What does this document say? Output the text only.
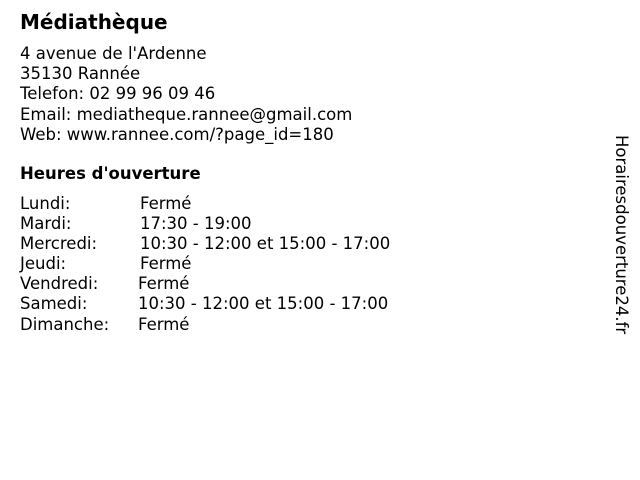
Médiathèque
4 avenue de l'Ardenne
35130 Rannée
Telefon: 02 99 96 09 46
Email: mediatheque.rannee@gmail.com
Web: www.rannee.com/?page_id=180
Heures d'ouverture
Lundi:	Fermé
Mardi:	17:30 - 19:00
Mercredi:	10:30 - 12:00 et 15:00 - 17:00
Jeudi:	Fermé
Vendredi: Fermé
Samedi:	10:30 - 12:00 et 15:00 - 17:00
Dimanche: Fermé	Horairesdouverture24.fr
